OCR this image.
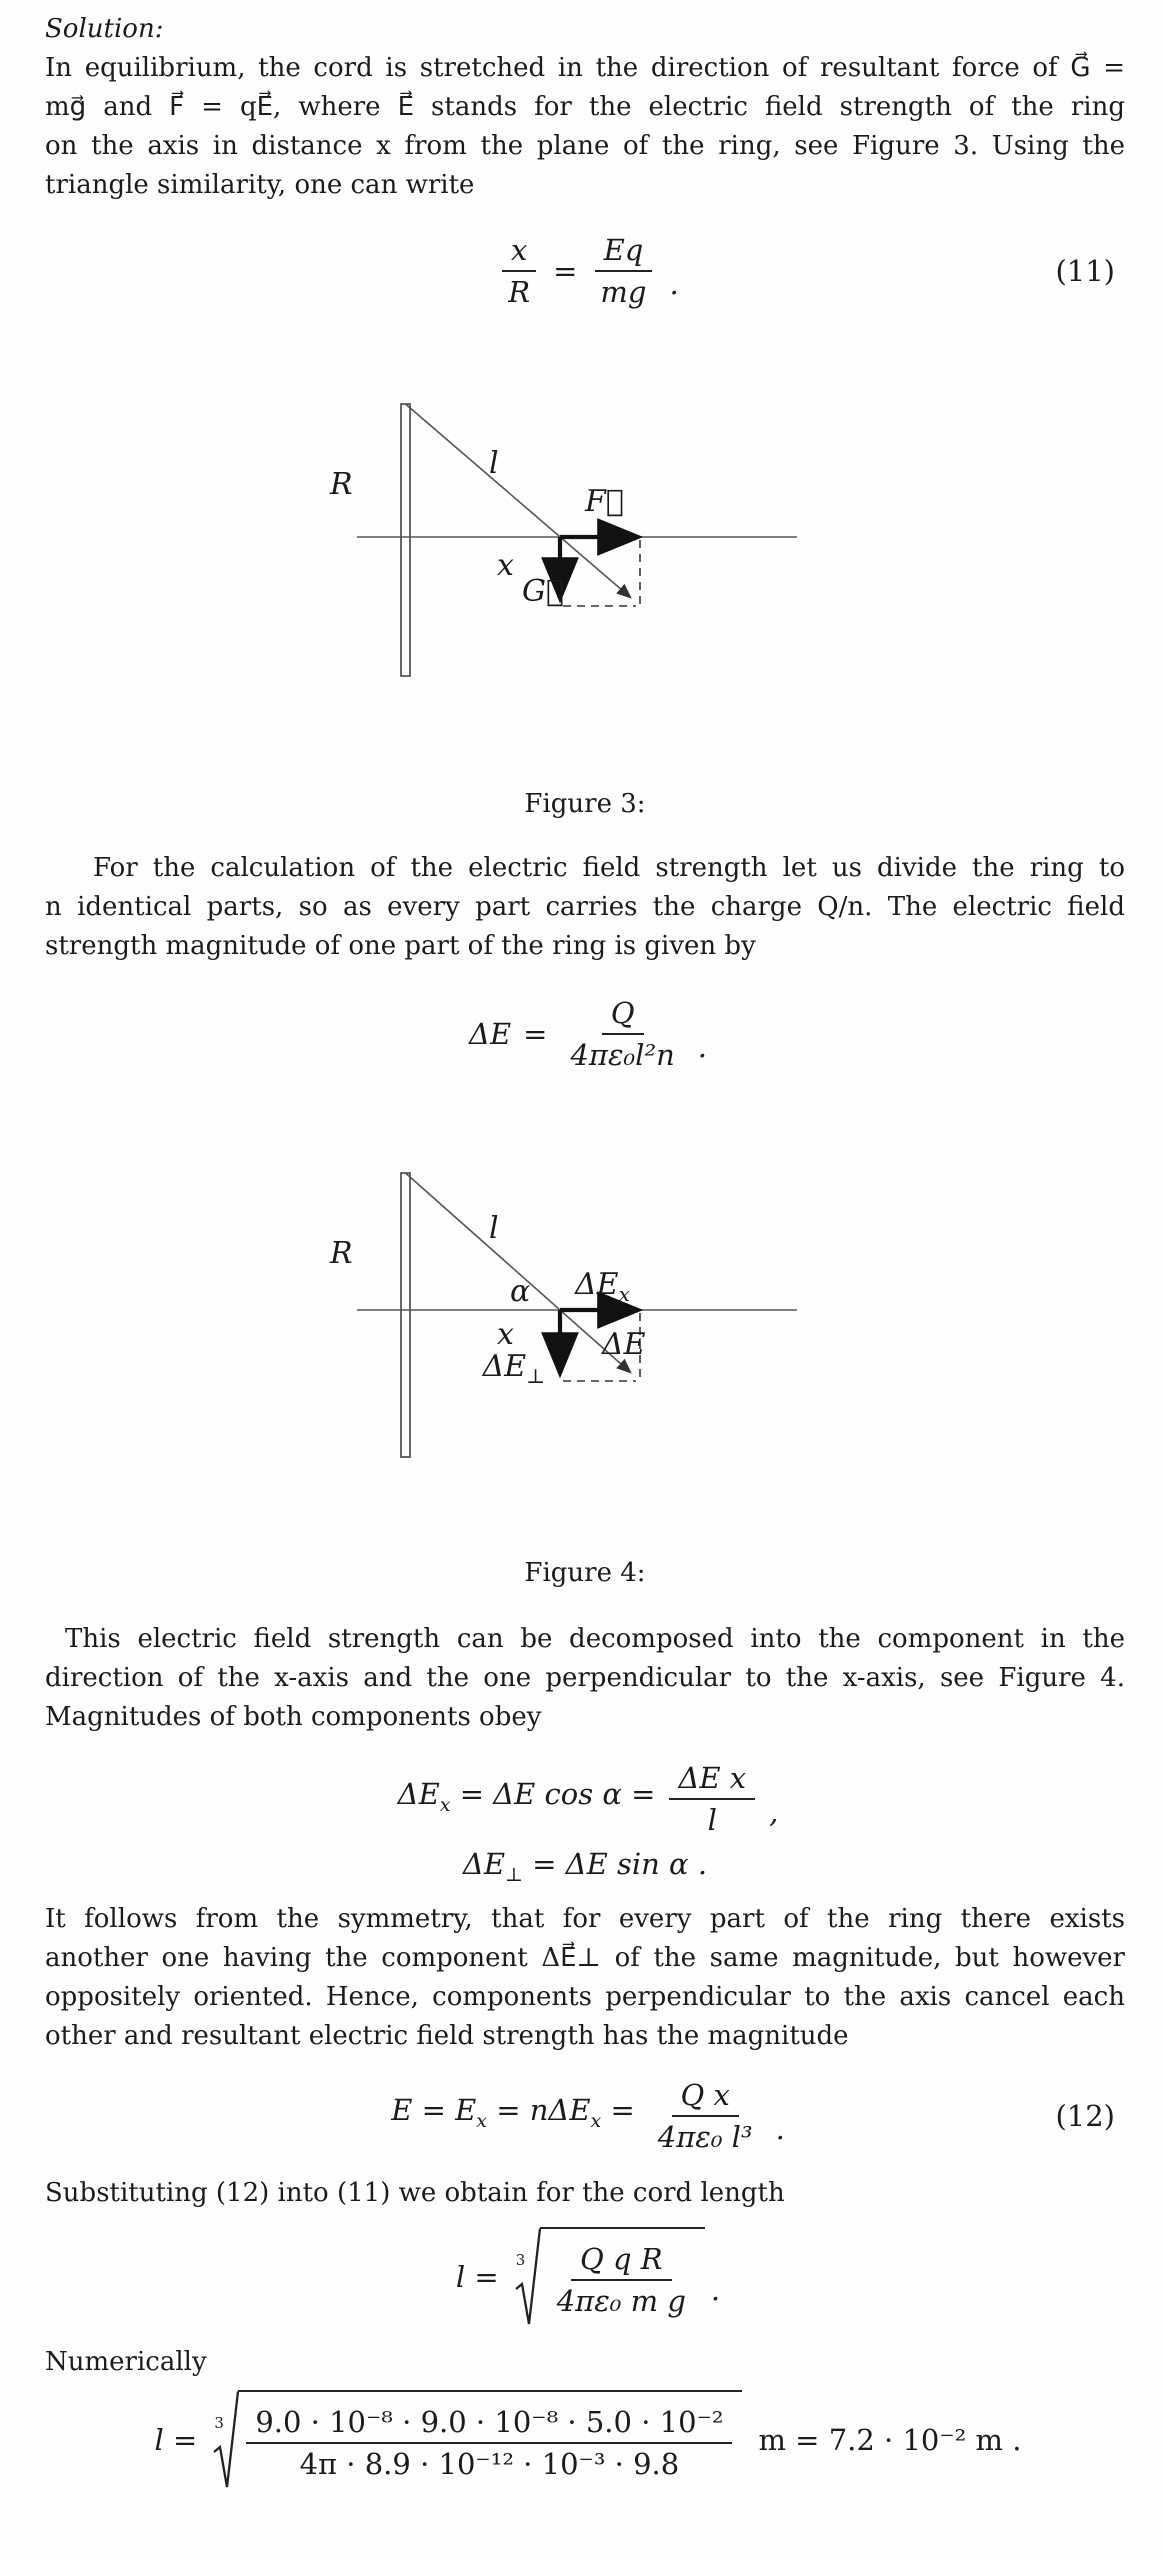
Solution:
In equilibrium, the cord is stretched in the direction of resultant force of G⃗ =
mg⃗ and F⃗ = qE⃗, where E⃗ stands for the electric field strength of the ring
on the axis in distance x from the plane of the ring, see Figure 3. Using the
triangle similarity, one can write
$\frac{x}{R} = \frac{Eq}{mg}$ .	(11)
R
l
x
F⃗
G⃗
Figure 3:
For the calculation of the electric field strength let us divide the ring to
n identical parts, so as every part carries the charge Q/n. The electric field
strength magnitude of one part of the ring is given by
$\Delta E = \frac{Q}{\text{4πε₀l²n}}$ .
R
l
α
x
$\Delta E_\perp$
$\Delta E_x$
ΔE
Figure 4:
This electric field strength can be decomposed into the component in the
direction of the x-axis and the one perpendicular to the x-axis, see Figure 4.
Magnitudes of both components obey
$\Delta E_x = \Delta E$ $\cos \alpha = \frac{\text{ΔE x}}{l}$ ,
$\Delta E_\perp = \Delta E$ sin α .
It follows from the symmetry, that for every part of the ring there exists
another one having the component ΔE⃗⊥ of the same magnitude, but however
oppositely oriented. Hence, components perpendicular to the axis cancel each
other and resultant electric field strength has the magnitude
$E = E_x = n\Delta E_x = \frac{\text{Q x}}{\text{4πε₀ l³}}$ .	(12)
Substituting (12) into (11) we obtain for the cord length
$l = 3 \frac{\text{Q q R}}{\text{4πε₀ m g}}$ .
Numerically
$l = 3 \frac{\text{9.0 · 10⁻⁸ · 9.0 · 10⁻⁸ · 5.0 · 10⁻²}}{\text{4π · 8.9 · 10⁻¹² · 10⁻³ · 9.8}}$ m = 7.2 · 10⁻² m .
